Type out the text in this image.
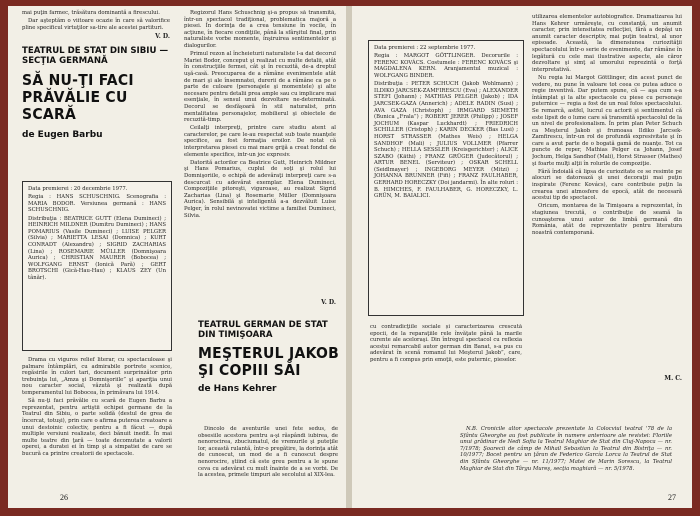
mai puţin farmec, trăsătura dominantă a firescului.

Dar aşteptăm o viitoare ocazie în care să valorifice pline specificul virtuţilor sa-tire ale acestei partituri.

V. D.
TEATRUL DE STAT DIN SIBIU — SECŢIA GERMANĂ
SĂ NU-ŢI FACI PRĂVĂLIE CU SCARĂ
de Eugen Barbu

Data premierei : 20 decembrie 1977.

Regia : HANS SCHUSCHNIG. Scenografia : MARIA BODOR. Versiunea germană : HANS SCHUSCHNIG.

Distribuţia : BEATRICE GUTT (Elena Dumineci) ; HEINRICH MILDNER (Dumitru Dumineci) ; HANS POMARIUS (Vasile Dumineci) ; LUISE PELGER (Silvia) ; MARIETTA LESAI (Domnica) ; KURT CONRADT (Alexandru) ; SIGRID ZACHARIAS (Lina) ; ROSEMARIE MÜLLER (Domnişoara Aurica) ; CHRISTIAN MAURER (Bobocea) ; WOLFGANG ERNST (Ionică Pară) ; GERT BROTSCHI (Gică-Hau-Hau) ; KLAUS ZEY (Un tânăr).

Drama cu viguros relief literar, cu spectaculoase şi palmare întâmplări, cu admirabile portrete scenice, regăsirile în culori tari, document surprinzător prin trebuinţa lui, „Amza şi Domnişoriile” şi apariţia unui nou caracter social, văzută şi realizată după temperamentul lui Bobocea, în primăvara lui 1914.

Să nu-ţi faci prăvălie cu scară de Eugen Barbu a reprezentat, pentru artiştii echipei germane de la Teatrul din Sibiu, o parte solidă (destul de grea de încercat, totuşi), prin care o afirma puterea creatoare a unui destoinic colectiv, pentru a fi făcut — după multiple versiuni realizate, deci bănuit inedit. În mai multe teatre din ţară — toate decomutate a valorii operei, a duratei ei în timp şi a simpatiei de care se bucură ca printre creatorii de spectacole.

Regizorul Hans Schuschnig şi-a propus să transmită, într-un spectacol tradiţional, problematica majoră a piesei. În dorinţa de a crea tensiune în vocile, în acţiune, în fiecare condiţiile, până la sfârşitul final, prin naturaliste vorbe momente, înşiruirea sentimentelor şi dialogurilor.

Primul rezon al încheieturii naturaliste l-a dat decorul Mariei Bodor, conceput şi realizat cu multe detalii, atât în construcţiile fermei, cât şi în recuzită, de-a dreptul uşă-casă. Preocuparea de a rămâne evenimentele atât de mari şi ale însemnatei, durerii de a rămâne ca pe o parte de culoare (personajele şi momentele) şi alte necesare pentru detalii prea ample sau cu implicare mai esenţiale, în sensul unui dezvoltare ne-determinată. Decorul se desfăşoară în stil naturalist, prin mentalitatea personajelor, mobilierul şi obiectele de recuzită-timp.

Ceilalţi interpreţi, printre care studiu atent al caracterelor, pe care le-au respectat sub toate nuanţele specifice, au fost formaţia eroilor. De notat că interpretarea piesei cu mai mare grijă a creat fondul de elemente specifice, intr-un joc expresiv.

Datorită actorilor ca Beatrice Gutt, Heinrich Mildner şi Hans Pomarius, cuplul de soţi şi rolul lui Domnişoriile, o echipă de adevăraţi interpreţi care s-a descurcat cu adevărat exemplar. Elena Dumineci, Compoziţiile pitoreşti, viguroase, au realizat Sigrid Zacharias (Lina) şi Rosemarie Müller (Domnişoara Aurica). Sensibilă şi inteligentă a-a dezvăluit Luise Pelger, în rolul nevinovatei victime a familiei Dumineci, Silvia.

V. D.
TEATRUL GERMAN DE STAT DIN TIMIŞOARA
MEŞTERUL JAKOB ŞI COPIII SĂI
de Hans Kehrer

Dincolo de aventurile unei fete sedus, de obsesiile acestora pentru a-şi răspândi iubirea, de nenorocirea, zbuciumatul, de vremurile şi puteţile lor, această rulantă, într-o pregătire, la dorinţa atât de cunoscut, un mod de a fi cunoscut despre nenorocire, ştiind că este greu pentru a le spune ceva cu adevărat cu mult înainte de a se vorbi. De la acestea, primele timpuri ale secolului al XIX-lea.

26

Data premierei : 22 septembrie 1977.

Regia : MARGOT GÖTTLINGER. Decorurile : FERENC KOVÁCS. Costumele : FERENC KOVÁCS şi MAGDALENA KERN. Aranjamentul muzical : WOLFGANG BINDER.

Distribuţia : PETER SCHUCH (Jakob Wohlmann) ; ILDIKO JARCSEK-ZAMFIRESCU (Eva) ; ALEXANDER STEFI (Johann) ; MATHIAS PELGER (Jakob) ; IDA JARCSEK-GAZA (Annerich) ; ADELE RADIN (Susi) ; AVA GAZA (Christoph) ; IRMGARD SIEMETH (Bunica „Frala”) ; ROBERT JERER (Philipp) ; JOSEF JOCHUM (Kaspar Luckhardt) ; FRIEDRICH SCHILLER (Cristoph) ; KARIN DECKER (Bas Lusi) ; HORST STRASSER (Mathes Weis) ; HELGA SANDHOF (Mali) ; JULIUS VOLLMER (Pfarrer Schuch) ; HELLA SESSLER (Kreisgerichter) ; ALICE SZABO (Käthi) ; FRANZ GRÜGER (Judecătorul) ; ARTUR BENEL (Serviteur) ; OSKAR SCHELL (Seidlmayer) ; INGEBORG MEYER (Mitzi) ; JOHANNA BRUNNER (Fifi) ; FRANZ FAULHABER, GERHARD HORECZKY (Doi jandarmi). În alte roluri : B. HIMCHES, F. FAULHABER, G. HORECZKY, L. GRÜN, M. BAIALICI.

cu contradicţiile sociale și caracterizarea crescută epocii, de la reparaţiile rele învăţate până la marile curente ale aceloraşi. Din întregul spectacol cu reflexia acestui remarcabil autor german din Banat, s-a pus cu adevărat în scenă romanul lui Meşterul Jakob”, care, pentru a fi compus prin emoţii, este puternic, pieselor.

utilizarea elementelor autobiografice. Dramatizarea lui Hans Kehrer urmăreşte, cu constanţă, un anumit caracter, prin intensitatea reflecţiei, fără a depăşi un anumit caracter descriptiv, mai puţin teatral, al unor episoade. Această, la dimensiunea curiozităţii spectacolului într-o serie de evenimente, dar rămâne în legătură cu cele mai ilustrative aspecte, ale căror dezvoltare şi simţ al umorului reprezintă o forţă interpretativă.

Nu regia lui Margot Göttlinger, din acest punct de vedere, nu pune în valoare tot ceea ce putea aduce o regie inventivă. Dar putem spune, că — aşa cum s-a întâmplat şi la alte spectacole cu piese cu personaje puternice — regia a fost de un real folos spectacolului. Se remarcă, astfel, lucrul cu actorii și sentimentul că este lipsit de o lume care să transmită spectacolul de la un nivel de profesionalism. În prim plan Peter Schuch ca Meşterul Jakob şi frumoasa Ildiko Jarcsek-Zamfirescu, într-un rol de profundă expresivitate şi în care a avut parte de o bogată gamă de nuanţe. Tot ca puncte de reper, Mathias Pelger ca Johann, Josef Jochum, Helga Sandhof (Mali), Horst Strasser (Mathes) şi foarte mulţi alţii în rolurile de compoziţie.

Fără îndoială că lipsa de curiozitate ce se resimte pe alocuri se datorează şi unei decoraţii mai puţin inspirate (Ferenc Kovács), care contribuie puţin la crearea unei atmosfere de epocă, atât de necesară acestui tip de spectacol.

Oricum, montarea de la Timişoara a reprezentat, în stagiunea trecută, o contribuţie de seamă la cunoaşterea unui autor de limbă germană din România, atât de reprezentativ pentru literatura noastră contemporană.

M. C.

N.B. Cronicile altor spectacole prezentate la Colocviul teatral '78 de la Sfântu Gheorghe au fost publicate în numere anterioare ale revistei: Floriile unui grădinar de Nedi Sofia la Teatrul Maghiar de Stat din Cluj-Napoca — nr. 7/1978; Şoarecii de câmp de Mihail Sebastian la Teatrul din Bistriţa — nr. 10/1977; Bocet pentru un ţăran de Federico García Lorca la Teatrul de Stat din Sfântu Gheorghe — nr. 11/1977; Matei de Marin Sorescu, la Teatrul Maghiar de Stat din Târgu Mureş, secţia maghiară — nr. 5/1978.

27
